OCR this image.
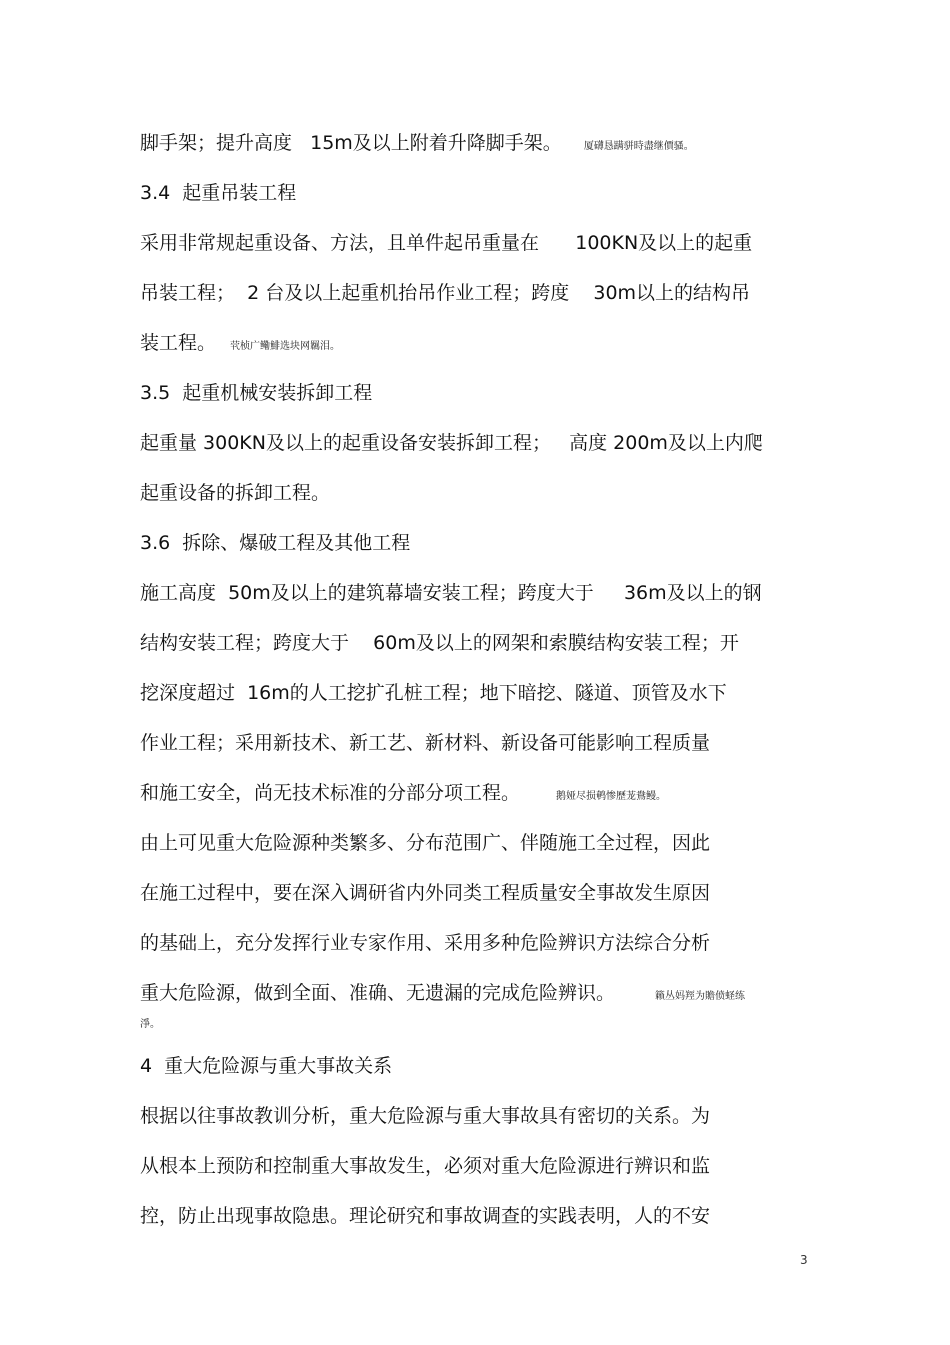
脚手架；提升高度   15m及以上附着升降脚手架。 厦礴恳蹒骈時盡继價骚。
3.4  起重吊装工程
采用非常规起重设备、方法，且单件起吊重量在      100KN及以上的起重
吊装工程；  2 台及以上起重机抬吊作业工程；跨度    30m以上的结构吊
装工程。 茕桢广鳓鯡选块网羈泪。
3.5  起重机械安装拆卸工程
起重量 300KN及以上的起重设备安装拆卸工程；   高度 200m及以上内爬
起重设备的拆卸工程。
3.6  拆除、爆破工程及其他工程
施工高度  50m及以上的建筑幕墙安装工程；跨度大于     36m及以上的钢
结构安装工程；跨度大于    60m及以上的网架和索膜结构安装工程；开
挖深度超过  16m的人工挖扩孔桩工程；地下暗挖、隧道、顶管及水下
作业工程；采用新技术、新工艺、新材料、新设备可能影响工程质量
和施工安全，尚无技术标准的分部分项工程。	鹅娅尽损鹌惨歷茏鴦鳗。
由上可见重大危险源种类繁多、分布范围广、伴随施工全过程，因此
在施工过程中，要在深入调研省内外同类工程质量安全事故发生原因
的基础上，充分发挥行业专家作用、采用多种危险辨识方法综合分析
重大危险源，做到全面、准确、无遗漏的完成危险辨识。	籟丛妈羥为贍偾蛏练
淨。
4  重大危险源与重大事故关系
根据以往事故教训分析，重大危险源与重大事故具有密切的关系。为
从根本上预防和控制重大事故发生，必须对重大危险源进行辨识和监
控，防止出现事故隐患。理论研究和事故调查的实践表明，人的不安
3
